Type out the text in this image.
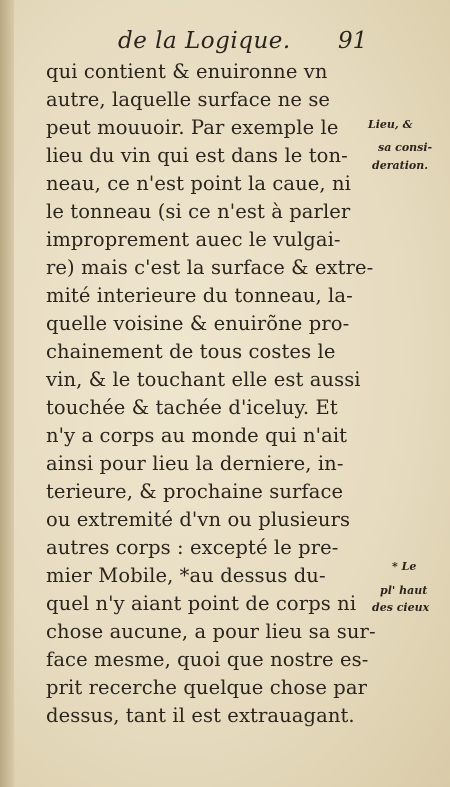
de la Logique. 91
qui contient & enuironne vn
autre, laquelle surface ne se
peut mouuoir. Par exemple le
lieu du vin qui est dans le ton-
neau, ce n'est point la caue, ni
le tonneau (si ce n'est à parler
improprement auec le vulgai-
re) mais c'est la surface & extre-
mité interieure du tonneau, la-
quelle voisine & enuirõne pro-
chainement de tous costes le
vin, & le touchant elle est aussi
touchée & tachée d'iceluy. Et
n'y a corps au monde qui n'ait
ainsi pour lieu la derniere, in-
terieure, & prochaine surface
ou extremité d'vn ou plusieurs
autres corps : excepté le pre-
mier Mobile, *au dessus du-
quel n'y aiant point de corps ni
chose aucune, a pour lieu sa sur-
face mesme, quoi que nostre es-
prit recerche quelque chose par
dessus, tant il est extrauagant.
Lieu, &
sa consi-
deration.
* Le
pl' haut
des cieux
